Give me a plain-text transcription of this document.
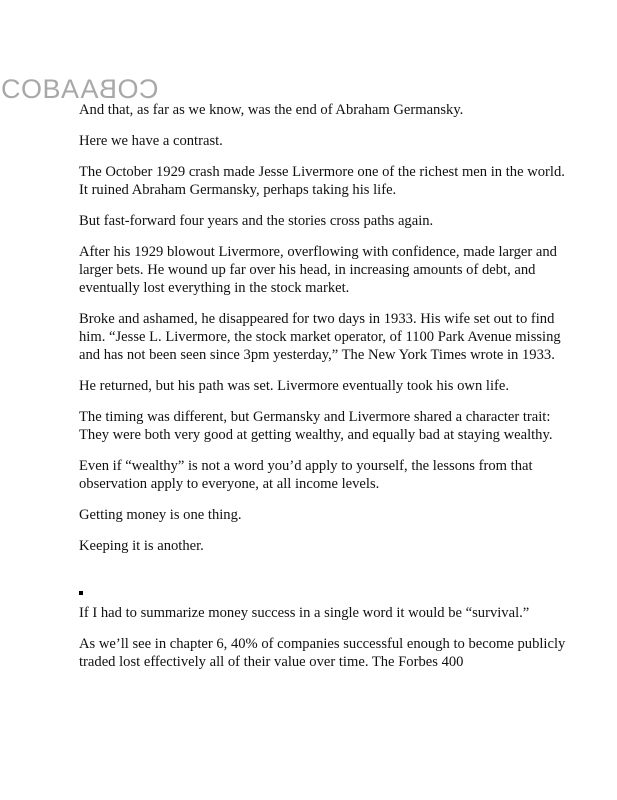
COBACOBA

And that, as far as we know, was the end of Abraham Germansky.

Here we have a contrast.

The October 1929 crash made Jesse Livermore one of the richest men in the world. It ruined Abraham Germansky, perhaps taking his life.

But fast-forward four years and the stories cross paths again.

After his 1929 blowout Livermore, overflowing with confidence, made larger and larger bets. He wound up far over his head, in increasing amounts of debt, and eventually lost everything in the stock market.

Broke and ashamed, he disappeared for two days in 1933. His wife set out to find him. “Jesse L. Livermore, the stock market operator, of 1100 Park Avenue missing and has not been seen since 3pm yesterday,” The New York Times wrote in 1933.

He returned, but his path was set. Livermore eventually took his own life.

The timing was different, but Germansky and Livermore shared a character trait: They were both very good at getting wealthy, and equally bad at staying wealthy.

Even if “wealthy” is not a word you’d apply to yourself, the lessons from that observation apply to everyone, at all income levels.

Getting money is one thing.

Keeping it is another.

If I had to summarize money success in a single word it would be “survival.”

As we’ll see in chapter 6, 40% of companies successful enough to become publicly traded lost effectively all of their value over time. The Forbes 400
